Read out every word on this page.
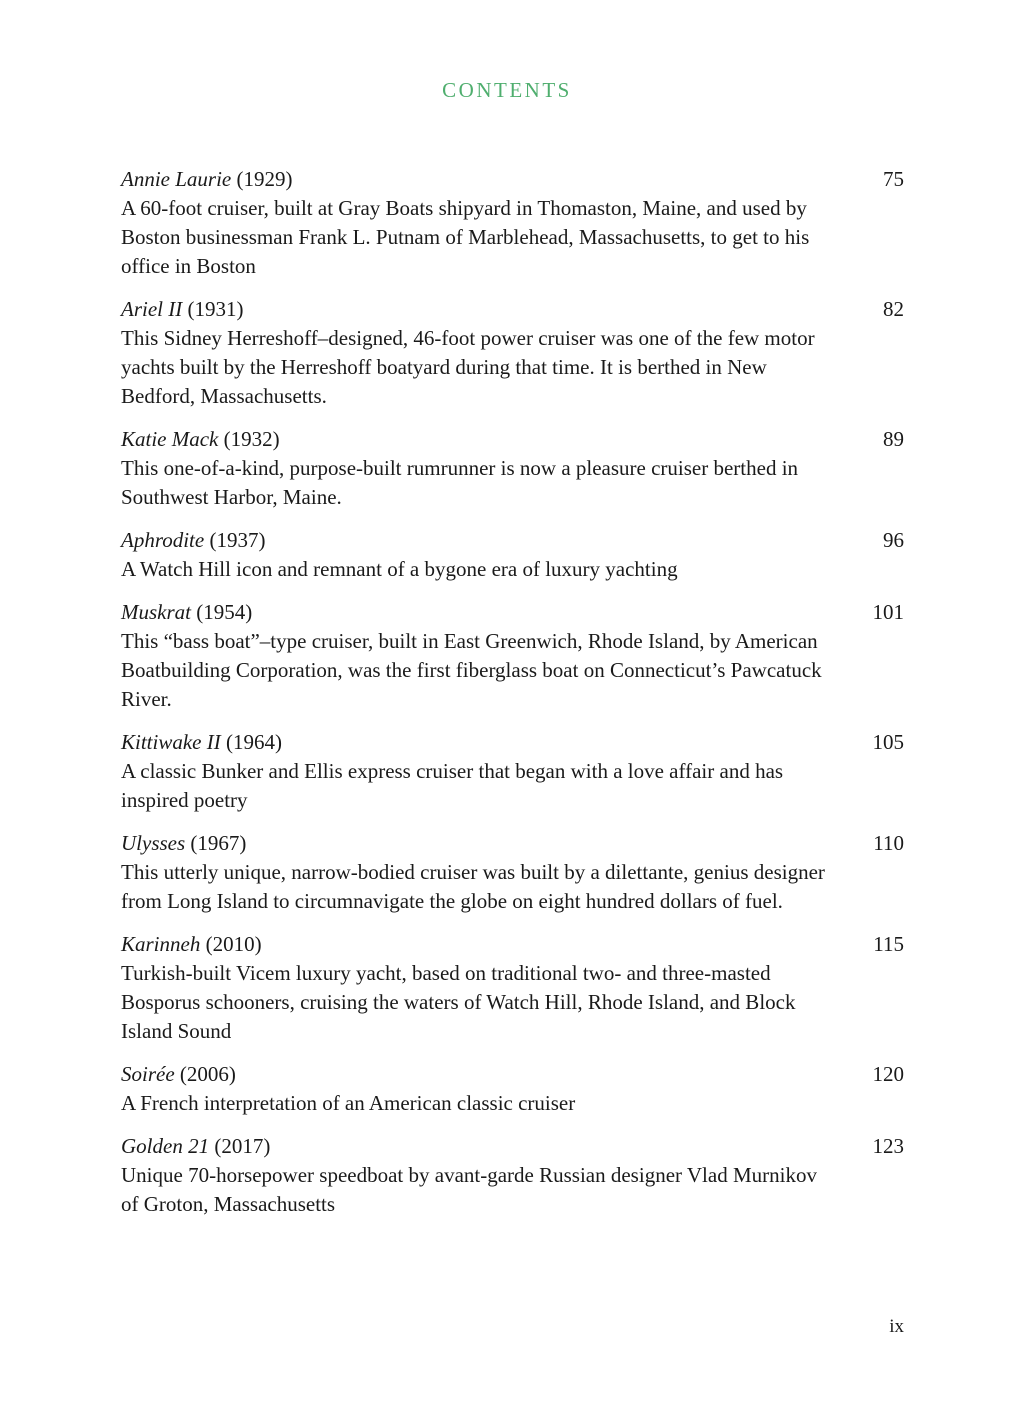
CONTENTS
Annie Laurie (1929)	75
A 60-foot cruiser, built at Gray Boats shipyard in Thomaston, Maine, and used by Boston businessman Frank L. Putnam of Marblehead, Massachusetts, to get to his office in Boston
Ariel II (1931)	82
This Sidney Herreshoff–designed, 46-foot power cruiser was one of the few motor yachts built by the Herreshoff boatyard during that time. It is berthed in New Bedford, Massachusetts.
Katie Mack (1932)	89
This one-of-a-kind, purpose-built rumrunner is now a pleasure cruiser berthed in Southwest Harbor, Maine.
Aphrodite (1937)	96
A Watch Hill icon and remnant of a bygone era of luxury yachting
Muskrat (1954)	101
This “bass boat”–type cruiser, built in East Greenwich, Rhode Island, by American Boatbuilding Corporation, was the first fiberglass boat on Connecticut’s Pawcatuck River.
Kittiwake II (1964)	105
A classic Bunker and Ellis express cruiser that began with a love affair and has inspired poetry
Ulysses (1967)	110
This utterly unique, narrow-bodied cruiser was built by a dilettante, genius designer from Long Island to circumnavigate the globe on eight hundred dollars of fuel.
Karinneh (2010)	115
Turkish-built Vicem luxury yacht, based on traditional two- and three-masted Bosporus schooners, cruising the waters of Watch Hill, Rhode Island, and Block Island Sound
Soirée (2006)	120
A French interpretation of an American classic cruiser
Golden 21 (2017)	123
Unique 70-horsepower speedboat by avant-garde Russian designer Vlad Murnikov of Groton, Massachusetts
ix
